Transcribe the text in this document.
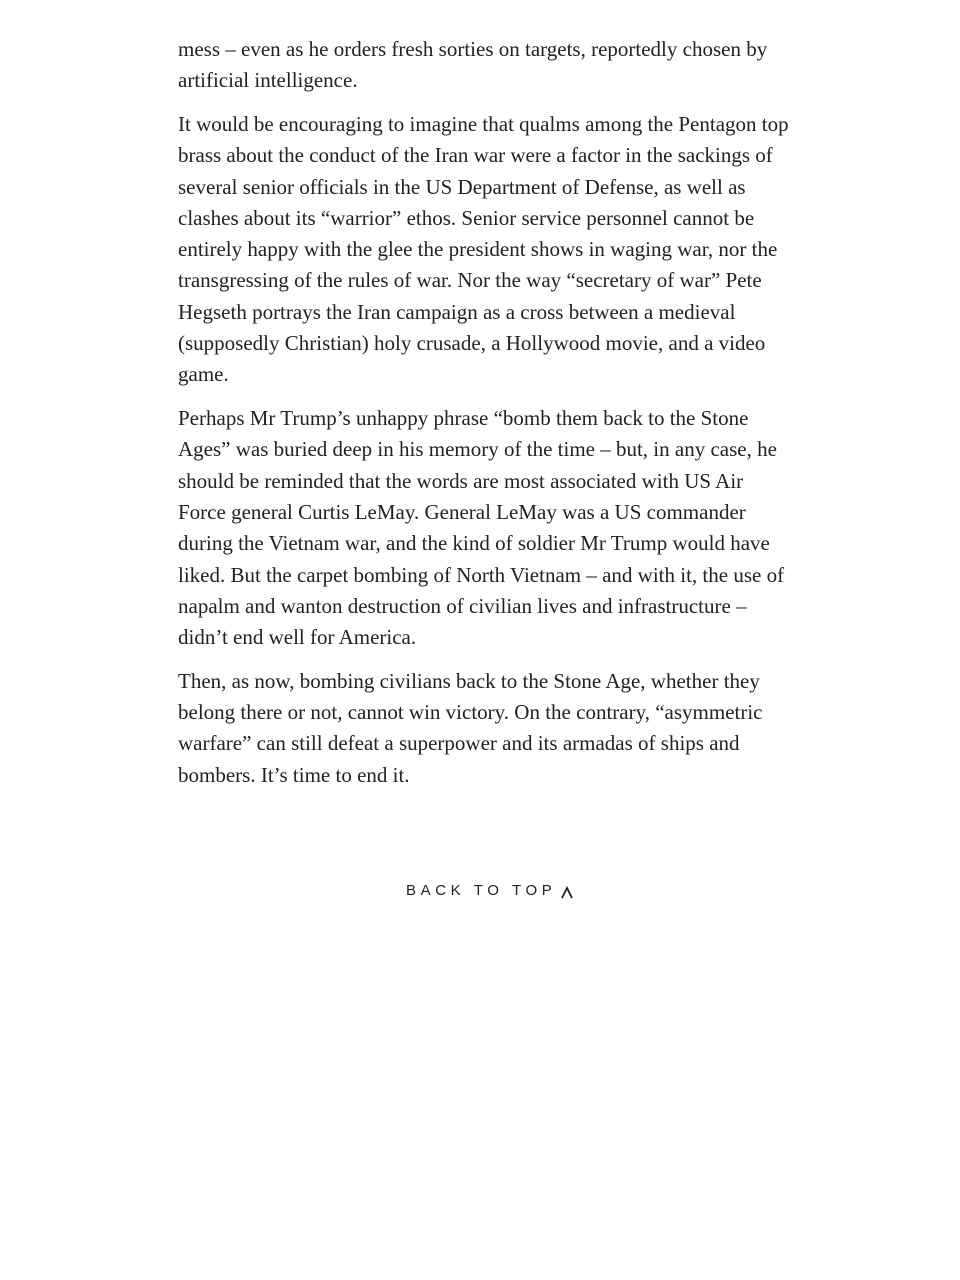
mess – even as he orders fresh sorties on targets, reportedly chosen by artificial intelligence.

It would be encouraging to imagine that qualms among the Pentagon top brass about the conduct of the Iran war were a factor in the sackings of several senior officials in the US Department of Defense, as well as clashes about its “warrior” ethos. Senior service personnel cannot be entirely happy with the glee the president shows in waging war, nor the transgressing of the rules of war. Nor the way “secretary of war” Pete Hegseth portrays the Iran campaign as a cross between a medieval (supposedly Christian) holy crusade, a Hollywood movie, and a video game.

Perhaps Mr Trump’s unhappy phrase “bomb them back to the Stone Ages” was buried deep in his memory of the time – but, in any case, he should be reminded that the words are most associated with US Air Force general Curtis LeMay. General LeMay was a US commander during the Vietnam war, and the kind of soldier Mr Trump would have liked. But the carpet bombing of North Vietnam – and with it, the use of napalm and wanton destruction of civilian lives and infrastructure – didn’t end well for America.

Then, as now, bombing civilians back to the Stone Age, whether they belong there or not, cannot win victory. On the contrary, “asymmetric warfare” can still defeat a superpower and its armadas of ships and bombers. It’s time to end it.

BACK TO TOP
